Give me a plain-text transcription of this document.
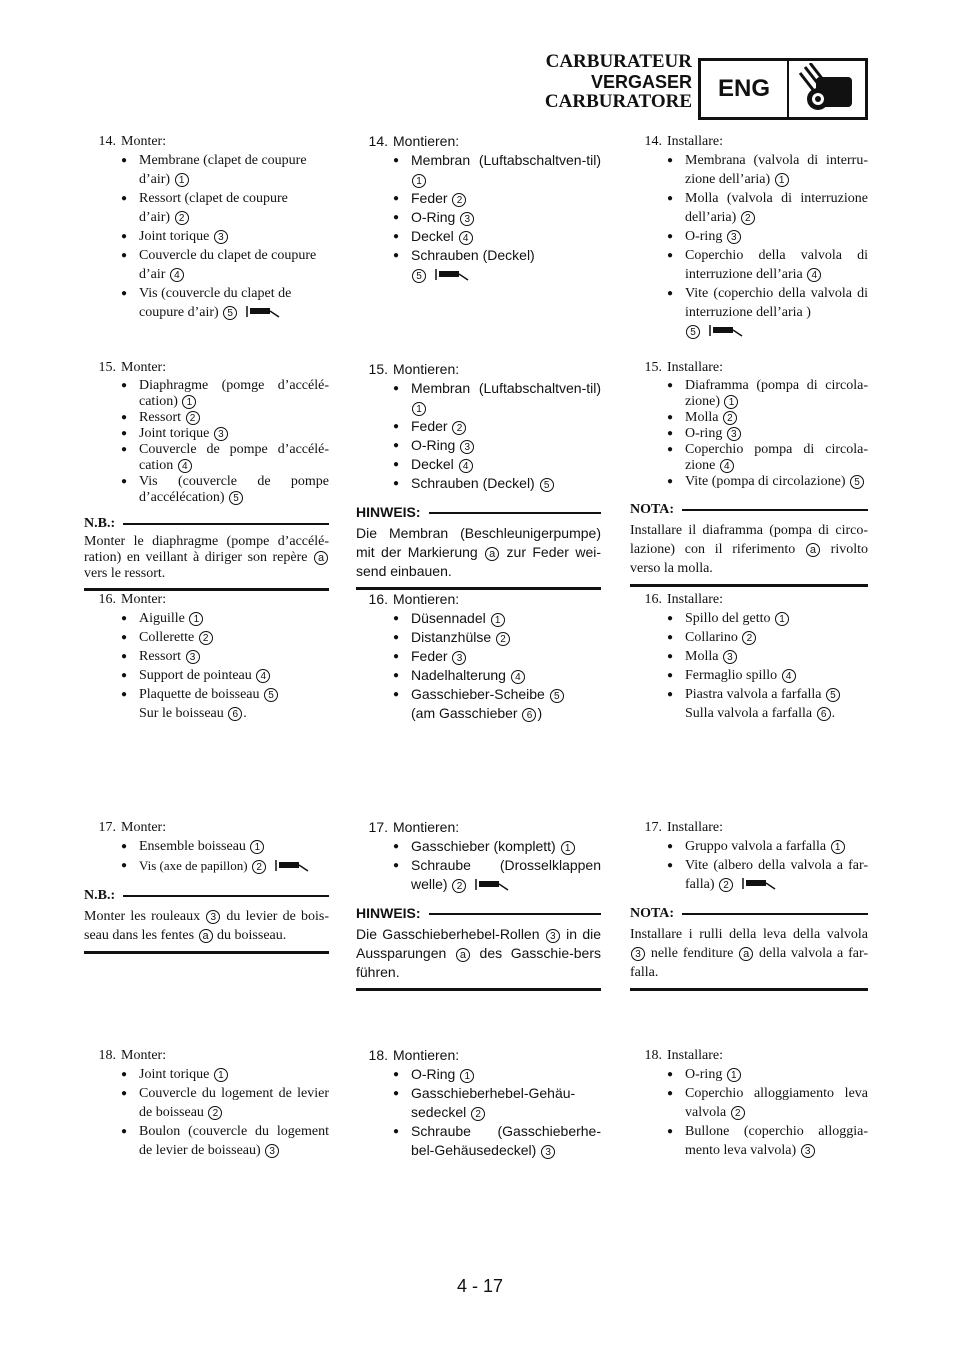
CARBURATEUR
VERGASER
CARBURATORE	ENG
14. Monter:
● Membrane (clapet de coupure
d’air) 1
● Ressort (clapet de coupure
d’air) 2
● Joint torique 3
● Couvercle du clapet de coupure
d’air 4
● Vis (couvercle du clapet de
coupure d’air) 5
15. Monter:
● Diaphragme (pomge d’accélé-cation) 1
● Ressort 2
● Joint torique 3
● Couvercle de pompe d’accélé-cation 4
● Vis (couvercle de pompe d’accélécation) 5
N.B.:
Monter le diaphragme (pompe d’accélé-ration) en veillant à diriger son repère a vers le ressort.
16. Monter:
● Aiguille 1
● Collerette 2
● Ressort 3
● Support de pointeau 4
● Plaquette de boisseau 5
Sur le boisseau 6 .
17. Monter:
● Ensemble boisseau 1
● Vis (axe de papillon) 2
N.B.:
Monter les rouleaux 3 du levier de bois-seau dans les fentes a du boisseau.
18. Monter:
● Joint torique 1
● Couvercle du logement de levier de boisseau 2
● Boulon (couvercle du logement de levier de boisseau) 3
14. Montieren:
● Membran (Luftabschaltven-til) 1
● Feder 2
● O-Ring 3
● Deckel 4
● Schrauben (Deckel)
5
15. Montieren:
● Membran (Luftabschaltven-til) 1
● Feder 2
● O-Ring 3
● Deckel 4
● Schrauben (Deckel) 5
HINWEIS:
Die Membran (Beschleunigerpumpe) mit der Markierung a zur Feder wei-send einbauen.
16. Montieren:
● Düsennadel 1
● Distanzhülse 2
● Feder 3
● Nadelhalterung 4
● Gasschieber-Scheibe 5
(am Gasschieber 6 )
17. Montieren:
● Gasschieber (komplett) 1
● Schraube (Drosselklappen welle) 2
HINWEIS:
Die Gasschieberhebel-Rollen 3 in die Aussparungen a des Gasschie-bers führen.
18. Montieren:
● O-Ring 1
● Gasschieberhebel-Gehäu-sedeckel 2
● Schraube (Gasschieberhe-bel-Gehäusedeckel) 3
14. Installare:
● Membrana (valvola di interru-zione dell’aria) 1
● Molla (valvola di interruzione dell’aria) 2
● O-ring 3
● Coperchio della valvola di interruzione dell’aria 4
● Vite (coperchio della valvola di interruzione dell’aria )
5
15. Installare:
● Diaframma (pompa di circola-zione) 1
● Molla 2
● O-ring 3
● Coperchio pompa di circola-zione 4
● Vite (pompa di circolazione) 5
NOTA:
Installare il diaframma (pompa di circo-lazione) con il riferimento a rivolto verso la molla.
16. Installare:
● Spillo del getto 1
● Collarino 2
● Molla 3
● Fermaglio spillo 4
● Piastra valvola a farfalla 5
Sulla valvola a farfalla 6 .
17. Installare:
● Gruppo valvola a farfalla 1
● Vite (albero della valvola a far-falla) 2
NOTA:
Installare i rulli della leva della valvola 3 nelle fenditure a della valvola a far-falla.
18. Installare:
● O-ring 1
● Coperchio alloggiamento leva valvola 2
● Bullone (coperchio alloggia-mento leva valvola) 3
4 - 17
